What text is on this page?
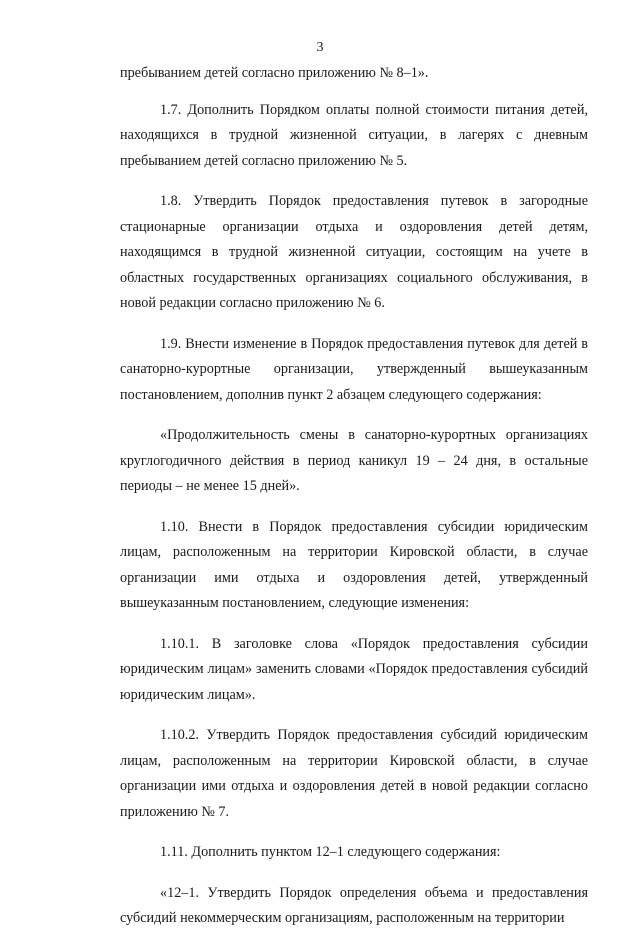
3

пребыванием детей согласно приложению № 8–1».

1.7. Дополнить Порядком оплаты полной стоимости питания детей, находящихся в трудной жизненной ситуации, в лагерях с дневным пребыванием детей согласно приложению № 5.

1.8. Утвердить Порядок предоставления путевок в загородные стационарные организации отдыха и оздоровления детей детям, находящимся в трудной жизненной ситуации, состоящим на учете в областных государственных организациях социального обслуживания, в новой редакции согласно приложению № 6.

1.9. Внести изменение в Порядок предоставления путевок для детей в санаторно-курортные организации, утвержденный вышеуказанным постановлением, дополнив пункт 2 абзацем следующего содержания:

«Продолжительность смены в санаторно-курортных организациях круглогодичного действия в период каникул 19 – 24 дня, в остальные периоды – не менее 15 дней».

1.10. Внести в Порядок предоставления субсидии юридическим лицам, расположенным на территории Кировской области, в случае организации ими отдыха и оздоровления детей, утвержденный вышеуказанным постановлением, следующие изменения:

1.10.1. В заголовке слова «Порядок предоставления субсидии юридическим лицам» заменить словами «Порядок предоставления субсидий юридическим лицам».

1.10.2. Утвердить Порядок предоставления субсидий юридическим лицам, расположенным на территории Кировской области, в случае организации ими отдыха и оздоровления детей в новой редакции согласно приложению № 7.

1.11. Дополнить пунктом 12–1 следующего содержания:

«12–1. Утвердить Порядок определения объема и предоставления субсидий некоммерческим организациям, расположенным на территории
